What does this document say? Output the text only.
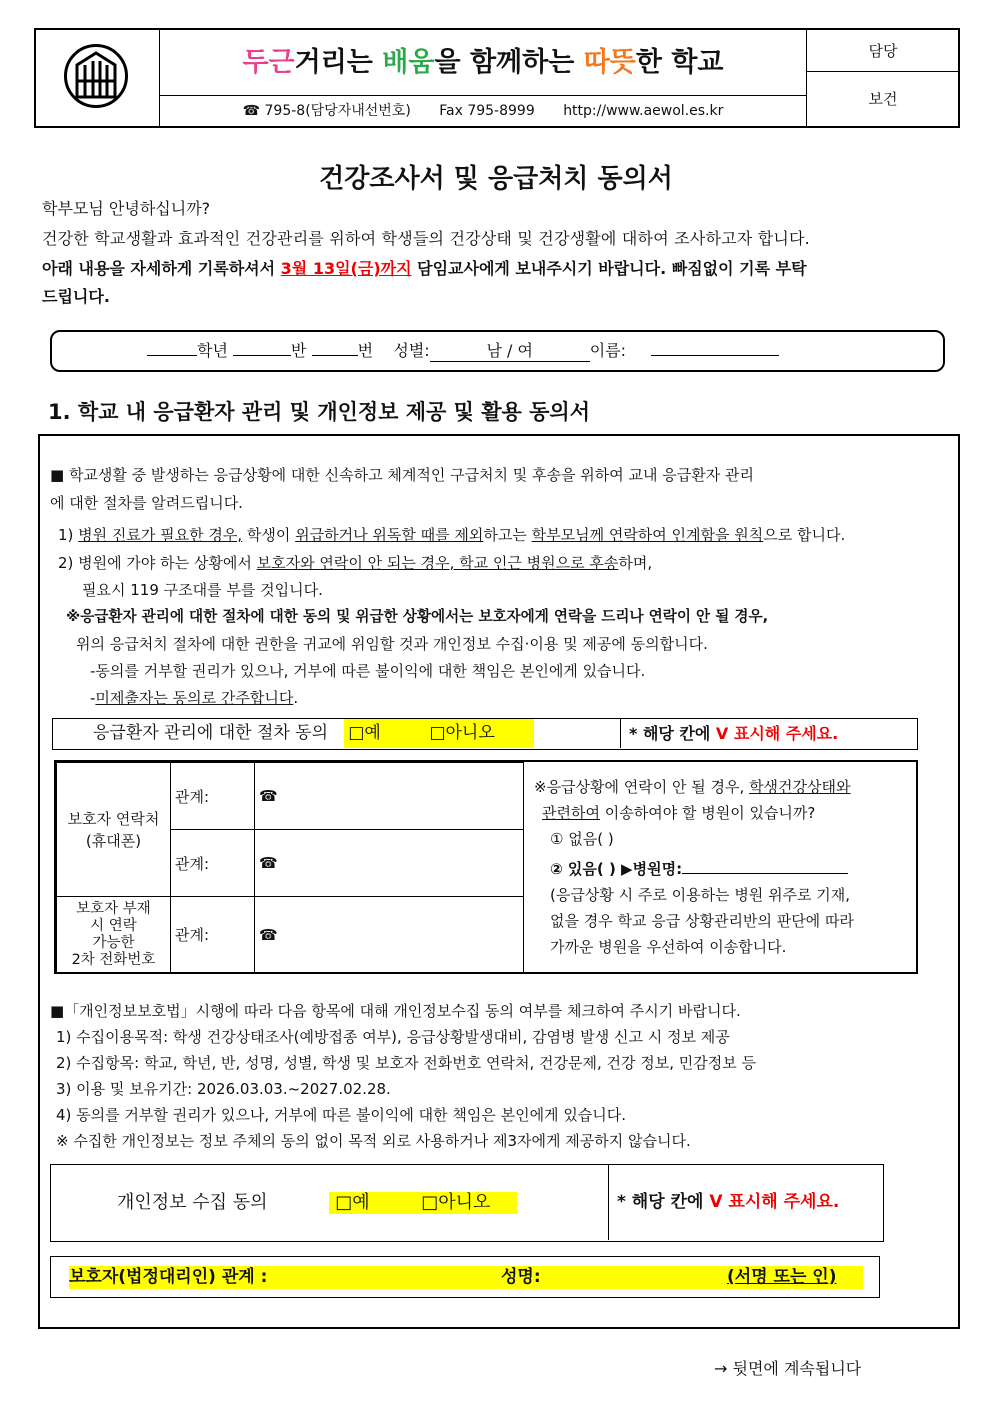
두근거리는 배움을 함께하는 따뜻한 학교
☎ 795-8(담당자내선번호) Fax 795-8999 http://www.aewol.es.kr
담당
보건
건강조사서 및 응급처치 동의서
학부모님 안녕하십니까?
건강한 학교생활과 효과적인 건강관리를 위하여 학생들의 건강상태 및 건강생활에 대하여 조사하고자 합니다.
아래 내용을 자세하게 기록하셔서 3월 13일(금)까지 담임교사에게 보내주시기 바랍니다. 빠짐없이 기록 부탁
드립니다.
학년	반	번 성별:	남 / 여	이름:
1. 학교 내 응급환자 관리 및 개인정보 제공 및 활용 동의서
■ 학교생활 중 발생하는 응급상황에 대한 신속하고 체계적인 구급처치 및 후송을 위하여 교내 응급환자 관리
에 대한 절차를 알려드립니다.
1) 병원 진료가 필요한 경우, 학생이 위급하거나 위독할 때를 제외하고는 학부모님께 연락하여 인계함을 원칙으로 합니다.
2) 병원에 가야 하는 상황에서 보호자와 연락이 안 되는 경우, 학교 인근 병원으로 후송하며,
필요시 119 구조대를 부를 것입니다.
※응급환자 관리에 대한 절차에 대한 동의 및 위급한 상황에서는 보호자에게 연락을 드리나 연락이 안 될 경우,
위의 응급처치 절차에 대한 권한을 귀교에 위임할 것과 개인정보 수집·이용 및 제공에 동의합니다.
-동의를 거부할 권리가 있으나, 거부에 따른 불이익에 대한 책임은 본인에게 있습니다.
-미제출자는 동의로 간주합니다.
응급환자 관리에 대한 절차 동의 □예	□아니오	* 해당 칸에 V 표시해 주세요.
보호자 연락처
(휴대폰)	관계:	☎
	관계:	☎
보호자 부재
시 연락
가능한
2차 전화번호	관계:	☎
※응급상황에 연락이 안 될 경우, 학생건강상태와
관련하여 이송하여야 할 병원이 있습니까?
① 없음( )
② 있음( ) ▶병원명:
(응급상황 시 주로 이용하는 병원 위주로 기재,
없을 경우 학교 응급 상황관리반의 판단에 따라
가까운 병원을 우선하여 이송합니다.
■「개인정보보호법」시행에 따라 다음 항목에 대해 개인정보수집 동의 여부를 체크하여 주시기 바랍니다.
1) 수집이용목적: 학생 건강상태조사(예방접종 여부), 응급상황발생대비, 감염병 발생 신고 시 정보 제공
2) 수집항목: 학교, 학년, 반, 성명, 성별, 학생 및 보호자 전화번호 연락처, 건강문제, 건강 정보, 민감정보 등
3) 이용 및 보유기간: 2026.03.03.~2027.02.28.
4) 동의를 거부할 권리가 있으나, 거부에 따른 불이익에 대한 책임은 본인에게 있습니다.
※ 수집한 개인정보는 정보 주체의 동의 없이 목적 외로 사용하거나 제3자에게 제공하지 않습니다.
개인정보 수집 동의	□예	□아니오	* 해당 칸에 V 표시해 주세요.
보호자(법정대리인) 관계 :	성명:	(서명 또는 인)
→ 뒷면에 계속됩니다
